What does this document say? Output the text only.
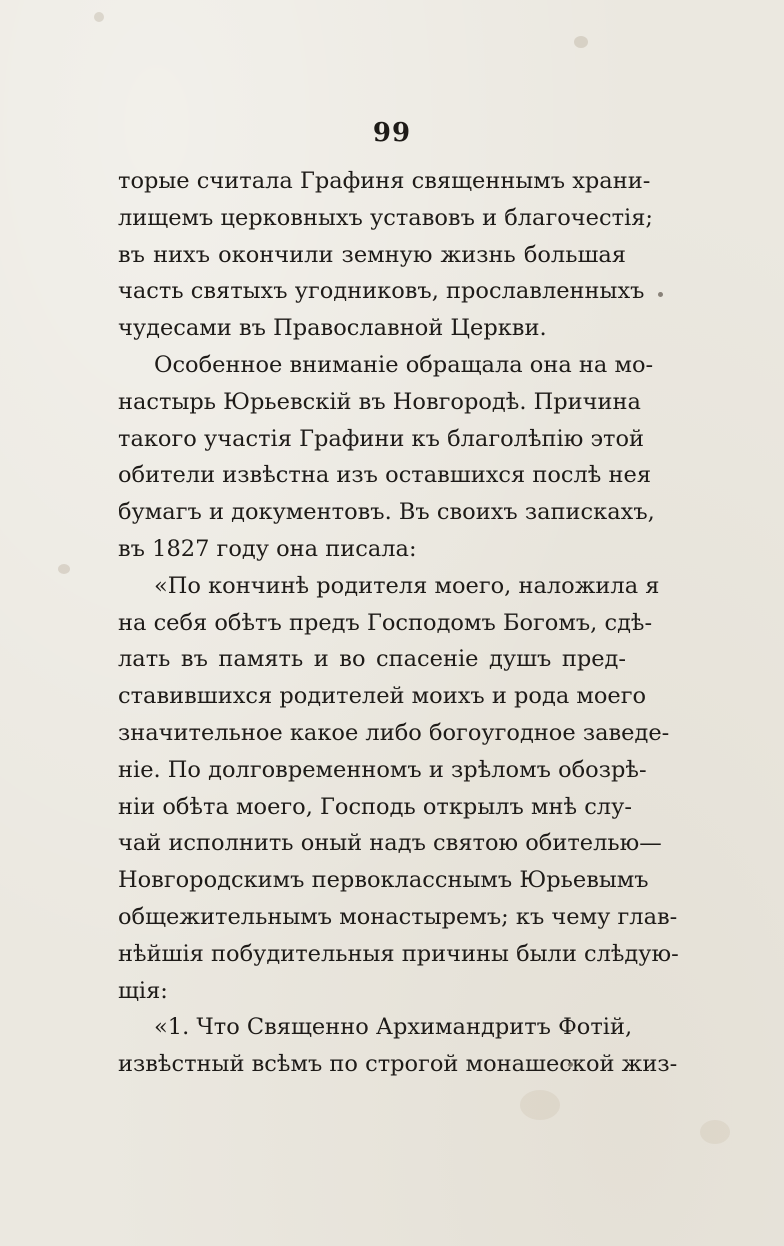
99
торые считала Графиня священнымъ храни-
лищемъ церковныхъ уставовъ и благочестія;
въ нихъ окончили земную жизнь большая
часть святыхъ угодниковъ, прославленныхъ
чудесами въ Православной Церкви.
Особенное вниманіе обращала она на мо-
настырь Юрьевскій въ Новгородѣ. Причина
такого участія Графини къ благолѣпію этой
обители извѣстна изъ оставшихся послѣ нея
бумагъ и документовъ. Въ своихъ запискахъ,
въ 1827 году она писала:
«По кончинѣ родителя моего, наложила я
на себя обѣтъ предъ Господомъ Богомъ, сдѣ-
лать въ память и во спасеніе душъ пред-
ставившихся родителей моихъ и рода моего
значительное какое либо богоугодное заведе-
ніе. По долговременномъ и зрѣломъ обозрѣ-
ніи обѣта моего, Господь открылъ мнѣ слу-
чай исполнить оный надъ святою обителью—
Новгородскимъ первокласснымъ Юрьевымъ
общежительнымъ монастыремъ; къ чему глав-
нѣйшія побудительныя причины были слѣдую-
щія:
«1. Что Священно Архимандритъ Фотій,
извѣстный всѣмъ по строгой монашеской жиз-
